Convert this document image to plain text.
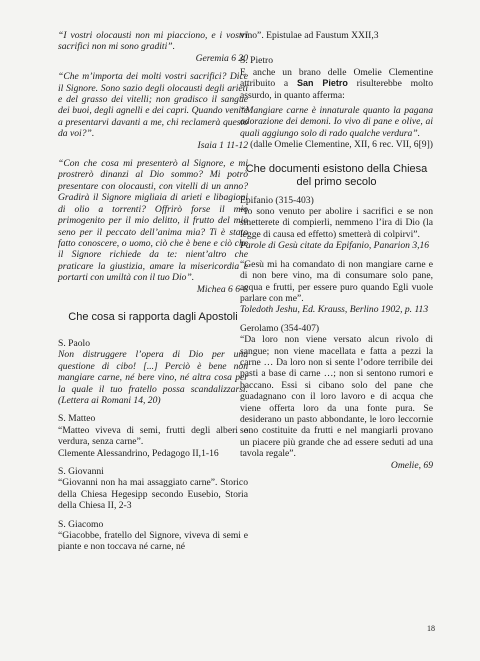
“I vostri olocausti non mi piacciono, e i vostri sacrifici non mi sono graditi”.

Geremia 6 20

“Che m’importa dei molti vostri sacrifici? Dice il Signore. Sono sazio degli olocausti degli arieti e del grasso dei vitelli; non gradisco il sangue dei buoi, degli agnelli e dei capri. Quando venite a presentarvi davanti a me, chi reclamerà questo da voi?”.

Isaia 1 11-12

“Con che cosa mi presenterò al Signore, e mi prostrerò dinanzi al Dio sommo? Mi potrò presentare con olocausti, con vitelli di un anno? Gradirà il Signore migliaia di arieti e libagioni di olio a torrenti? Offrirò forse il mio primogenito per il mio delitto, il frutto del mio seno per il peccato dell’anima mia? Ti è stato fatto conoscere, o uomo, ciò che è bene e ciò che il Signore richiede da te: nient’altro che praticare la giustizia, amare la misericordia e portarti con umiltà con il tuo Dio”.

Michea 6 6-8

Che cosa si rapporta dagli Apostoli

S. Paolo

Non distruggere l’opera di Dio per una questione di cibo! [...] Perciò è bene non mangiare carne, né bere vino, né altra cosa per la quale il tuo fratello possa scandalizzarsi. (Lettera ai Romani 14, 20)

S. Matteo

“Matteo viveva di semi, frutti degli alberi e verdura, senza carne”.

Clemente Alessandrino, Pedagogo II,1-16

S. Giovanni

“Giovanni non ha mai assaggiato carne”. Storico della Chiesa Hegesipp secondo Eusebio, Storia della Chiesa II, 2-3

S. Giacomo

“Giacobbe, fratello del Signore, viveva di semi e piante e non toccava né carne, né

vino”. Epistulae ad Faustum XXII,3

S. Pietro

E anche un brano delle Omelie Clementine attribuito a San Pietro risulterebbe molto assurdo, in quanto afferma:

“Mangiare carne è innaturale quanto la pagana adorazione dei demoni. Io vivo di pane e olive, ai quali aggiungo solo di rado qualche verdura”.

(dalle Omelie Clementine, XII, 6 rec. VII, 6[9])

Che documenti esistono della Chiesa del primo secolo

Epifanio (315-403)

“Io sono venuto per abolire i sacrifici e se non smetterete di compierli, nemmeno l’ira di Dio (la legge di causa ed effetto) smetterà di colpirvi”.

Parole di Gesù citate da Epifanio, Panarion 3,16

“Gesù mi ha comandato di non mangiare carne e di non bere vino, ma di consumare solo pane, acqua e frutti, per essere puro quando Egli vuole parlare con me”.

Toledoth Jeshu, Ed. Krauss, Berlino 1902, p. 113

Gerolamo (354-407)

“Da loro non viene versato alcun rivolo di sangue; non viene macellata e fatta a pezzi la carne … Da loro non si sente l’odore terribile dei pasti a base di carne …; non si sentono rumori e baccano. Essi si cibano solo del pane che guadagnano con il loro lavoro e di acqua che viene offerta loro da una fonte pura. Se desiderano un pasto abbondante, le loro leccornie sono costituite da frutti e nel mangiarli provano un piacere più grande che ad essere seduti ad una tavola regale”.

Omelie, 69

18
